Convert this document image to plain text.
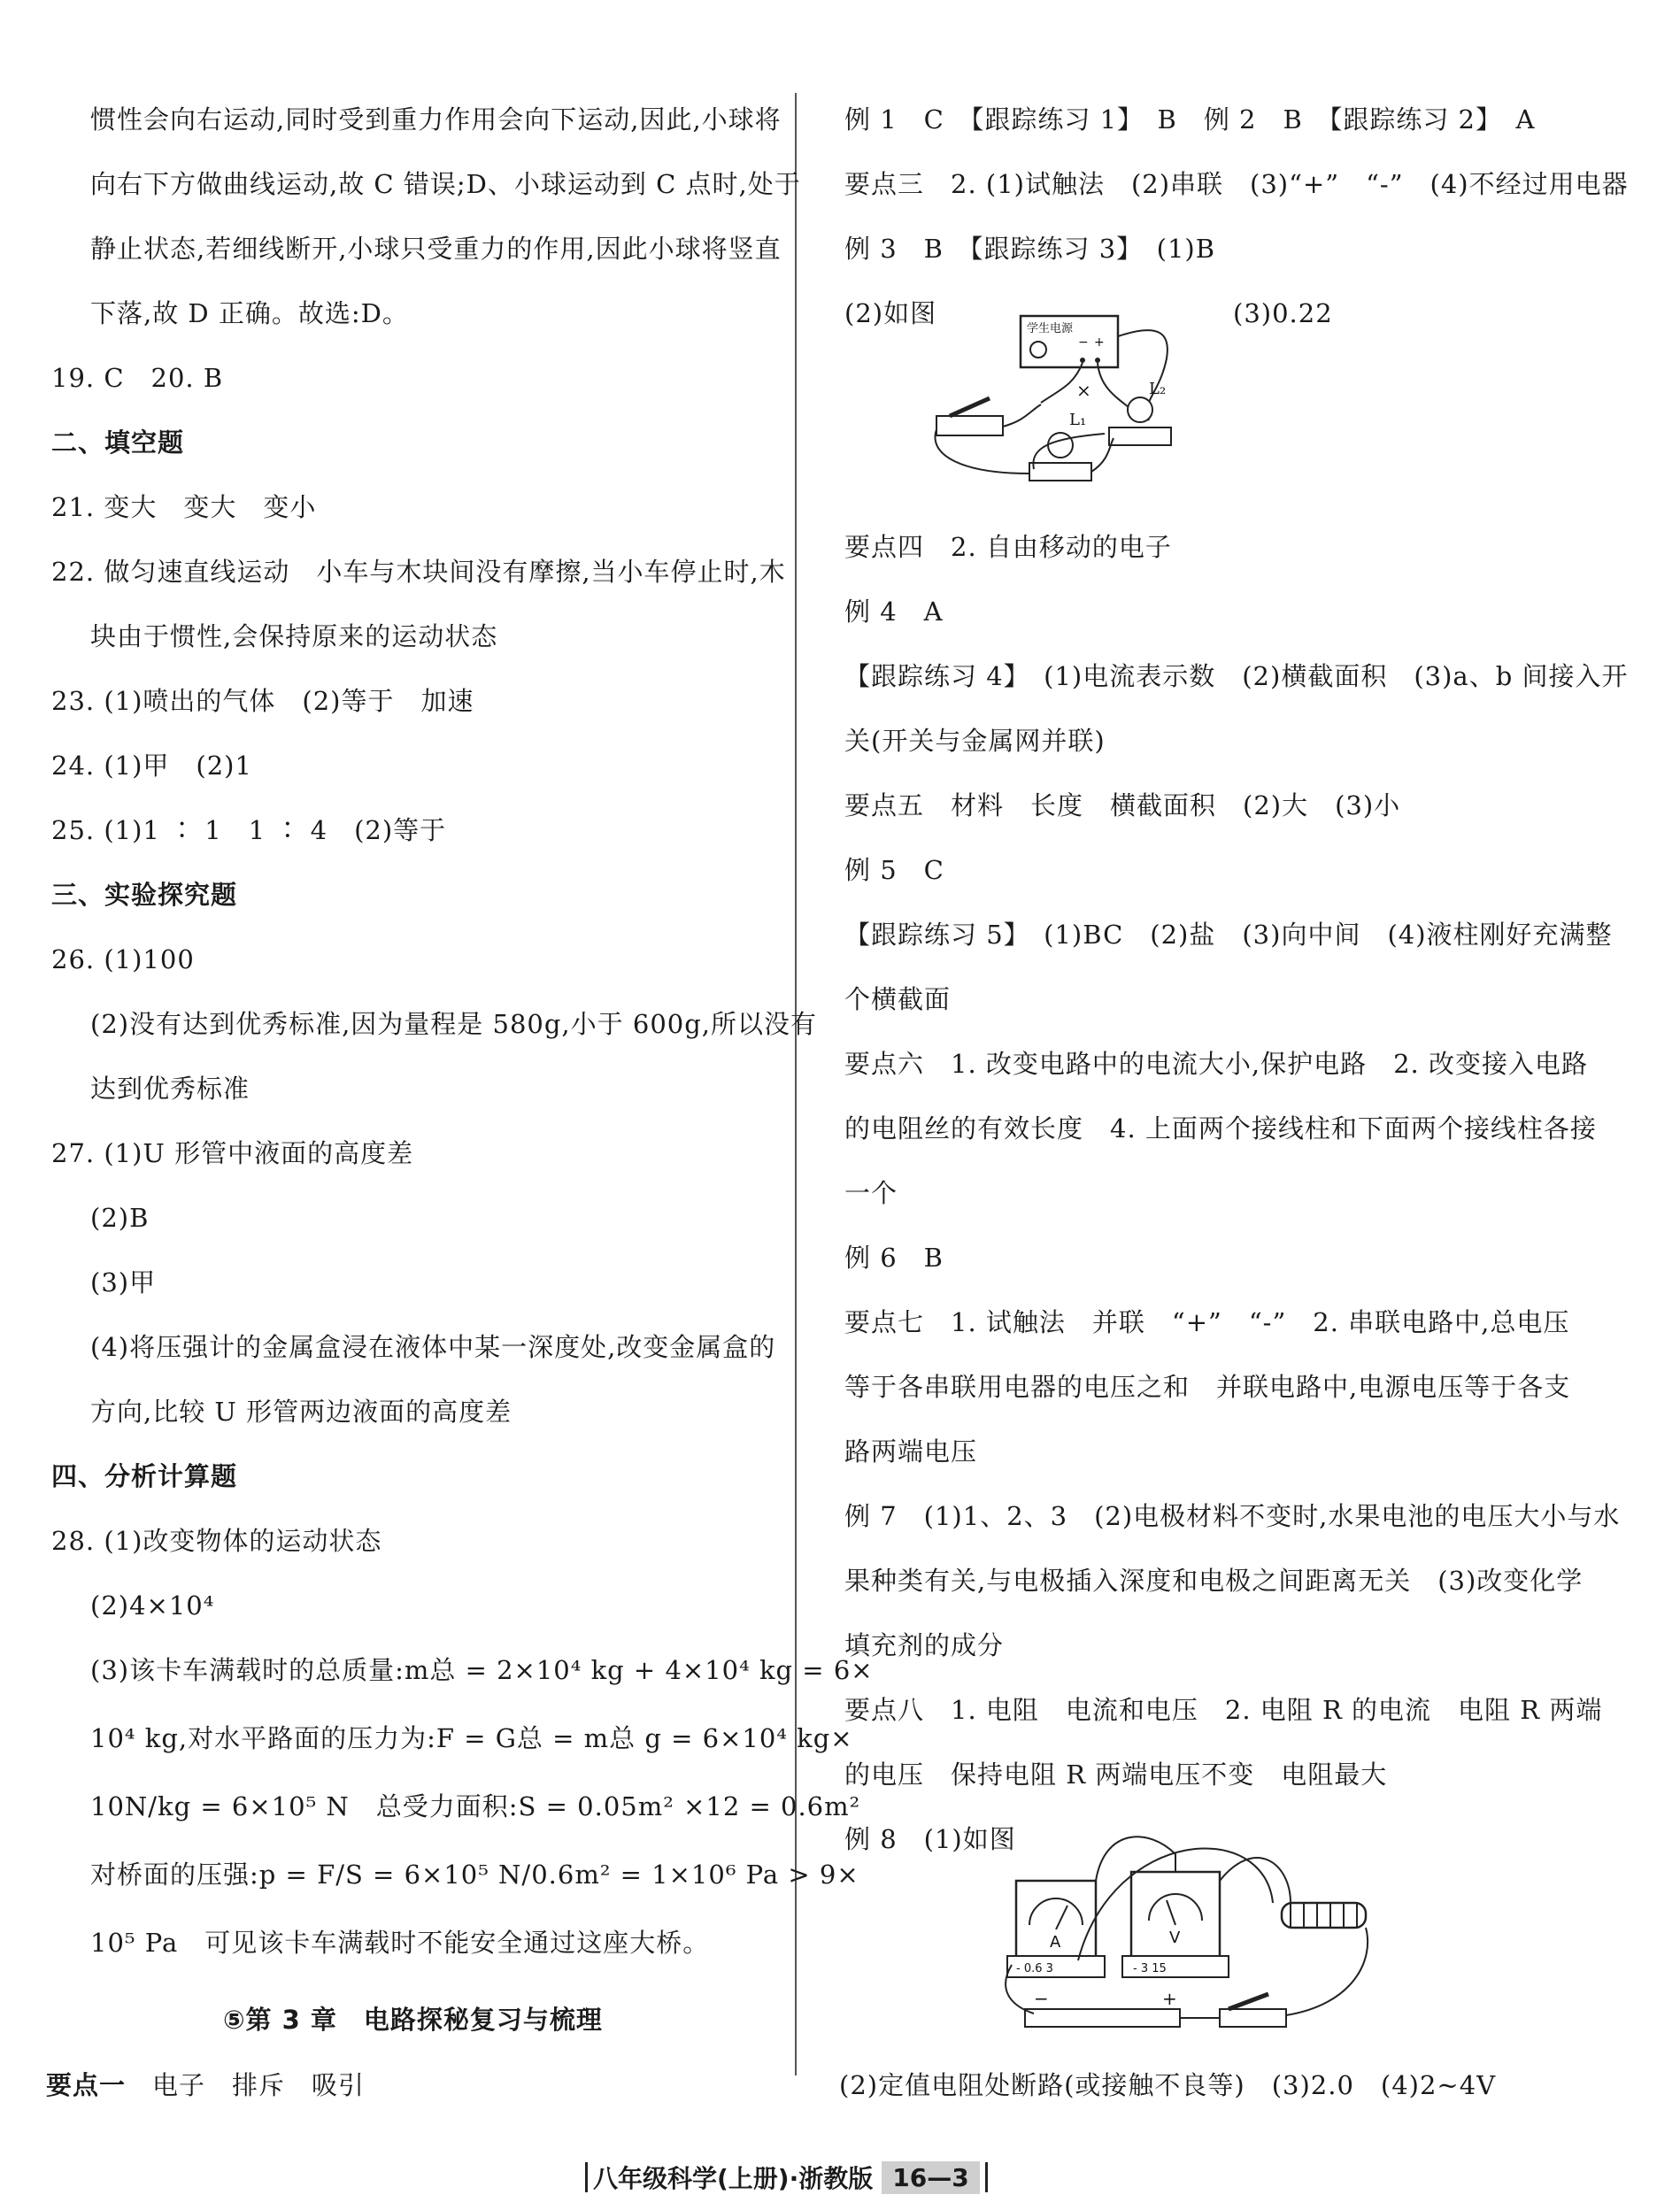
惯性会向右运动,同时受到重力作用会向下运动,因此,小球将
向右下方做曲线运动,故 C 错误;D、小球运动到 C 点时,处于
静止状态,若细线断开,小球只受重力的作用,因此小球将竖直
下落,故 D 正确。故选:D。
19. C　20. B
二、填空题
21. 变大　变大　变小
22. 做匀速直线运动　小车与木块间没有摩擦,当小车停止时,木
块由于惯性,会保持原来的运动状态
23. (1)喷出的气体　(2)等于　加速
24. (1)甲　(2)1
25. (1)1 ∶ 1　1 ∶ 4　(2)等于
三、实验探究题
26. (1)100
(2)没有达到优秀标准,因为量程是 580g,小于 600g,所以没有
达到优秀标准
27. (1)U 形管中液面的高度差
(2)B
(3)甲
(4)将压强计的金属盒浸在液体中某一深度处,改变金属盒的
方向,比较 U 形管两边液面的高度差
四、分析计算题
28. (1)改变物体的运动状态
(2)4×10⁴
(3)该卡车满载时的总质量:m总 = 2×10⁴ kg + 4×10⁴ kg = 6×
10⁴ kg,对水平路面的压力为:F = G总 = m总 g = 6×10⁴ kg×
10N/kg = 6×10⁵ N　总受力面积:S = 0.05m² ×12 = 0.6m²
对桥面的压强:p = F/S = 6×10⁵ N/0.6m² = 1×10⁶ Pa > 9×
10⁵ Pa　可见该卡车满载时不能安全通过这座大桥。
⑤第 3 章　电路探秘复习与梳理
要点一　 电子　排斥　吸引
例 1　C　【跟踪练习 1】　B　例 2　B　【跟踪练习 2】　A
要点三　2. (1)试触法　(2)串联　(3)“+”　“-”　(4)不经过用电器
例 3　B　【跟踪练习 3】　(1)B
(2)如图	(3)0.22
学生电源
− +
×
L₁
L₂
要点四　2. 自由移动的电子
例 4　A
【跟踪练习 4】　(1)电流表示数　(2)横截面积　(3)a、b 间接入开
关(开关与金属网并联)
要点五　材料　长度　横截面积　(2)大　(3)小
例 5　C
【跟踪练习 5】　(1)BC　(2)盐　(3)向中间　(4)液柱刚好充满整
个横截面
要点六　1. 改变电路中的电流大小,保护电路　2. 改变接入电路
的电阻丝的有效长度　4. 上面两个接线柱和下面两个接线柱各接
一个
例 6　B
要点七　1. 试触法　并联　“+”　“-”　2. 串联电路中,总电压
等于各串联用电器的电压之和　并联电路中,电源电压等于各支
路两端电压
例 7　(1)1、2、3　(2)电极材料不变时,水果电池的电压大小与水
果种类有关,与电极插入深度和电极之间距离无关　(3)改变化学
填充剂的成分
要点八　1. 电阻　电流和电压　2. 电阻 R 的电流　电阻 R 两端
的电压　保持电阻 R 两端电压不变　电阻最大
例 8　(1)如图
A
- 0.6 3
V
- 3 15
−	+
(2)定值电阻处断路(或接触不良等)　(3)2.0　(4)2~4V
八年级科学(上册)·浙教版 16—3
